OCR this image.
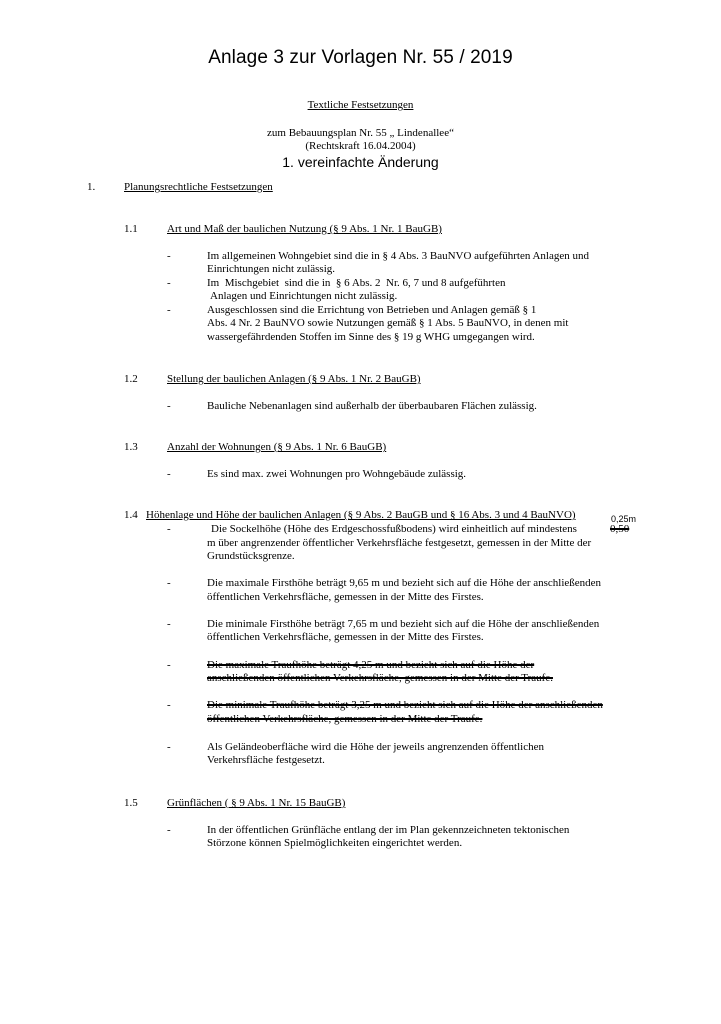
Anlage 3 zur Vorlagen Nr. 55 / 2019
Textliche Festsetzungen
zum Bebauungsplan Nr. 55 „ Lindenallee“
(Rechtskraft 16.04.2004)
1. vereinfachte Änderung
1.	Planungsrechtliche Festsetzungen
1.1	Art und Maß der baulichen Nutzung (§ 9 Abs. 1 Nr. 1 BauGB)
-	Im allgemeinen Wohngebiet sind die in § 4 Abs. 3 BauNVO aufgeführten Anlagen und
Einrichtungen nicht zulässig.
-	Im  Mischgebiet  sind die in  § 6 Abs. 2  Nr. 6, 7 und 8 aufgeführten
Anlagen und Einrichtungen nicht zulässig.
-	Ausgeschlossen sind die Errichtung von Betrieben und Anlagen gemäß § 1
Abs. 4 Nr. 2 BauNVO sowie Nutzungen gemäß § 1 Abs. 5 BauNVO, in denen mit
wassergefährdenden Stoffen im Sinne des § 19 g WHG umgegangen wird.
1.2	Stellung der baulichen Anlagen (§ 9 Abs. 1 Nr. 2 BauGB)
-	Bauliche Nebenanlagen sind außerhalb der überbaubaren Flächen zulässig.
1.3	Anzahl der Wohnungen (§ 9 Abs. 1 Nr. 6 BauGB)
-	Es sind max. zwei Wohnungen pro Wohngebäude zulässig.
1.4 Höhenlage und Höhe der baulichen Anlagen (§ 9 Abs. 2 BauGB und § 16 Abs. 3 und 4 BauNVO)	0,25m
-	Die Sockelhöhe (Höhe des Erdgeschossfußbodens) wird einheitlich auf mindestens	0,50
m über angrenzender öffentlicher Verkehrsfläche festgesetzt, gemessen in der Mitte der
Grundstücksgrenze.
-	Die maximale Firsthöhe beträgt 9,65 m und bezieht sich auf die Höhe der anschließenden
öffentlichen Verkehrsfläche, gemessen in der Mitte des Firstes.
-	Die minimale Firsthöhe beträgt 7,65 m und bezieht sich auf die Höhe der anschließenden
öffentlichen Verkehrsfläche, gemessen in der Mitte des Firstes.
-	Die maximale Traufhöhe beträgt 4,25 m und bezieht sich auf die Höhe der
anschließenden öffentlichen Verkehrsfläche, gemessen in der Mitte der Traufe.
-	Die minimale Traufhöhe beträgt 3,25 m und bezieht sich auf die Höhe der anschließenden
öffentlichen Verkehrsfläche, gemessen in der Mitte der Traufe.
-	Als Geländeoberfläche wird die Höhe der jeweils angrenzenden öffentlichen
Verkehrsfläche festgesetzt.
1.5	Grünflächen ( § 9 Abs. 1 Nr. 15 BauGB)
-	In der öffentlichen Grünfläche entlang der im Plan gekennzeichneten tektonischen
Störzone können Spielmöglichkeiten eingerichtet werden.
